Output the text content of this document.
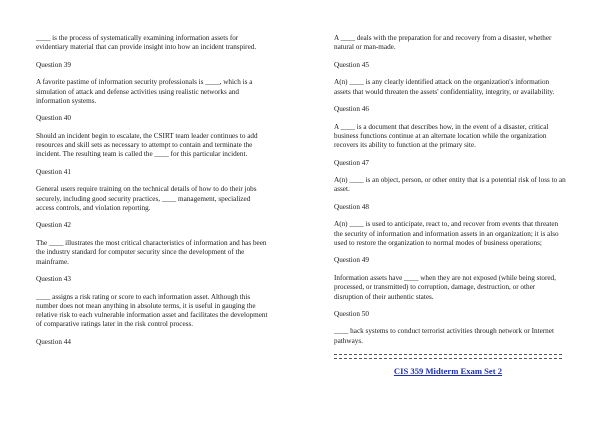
____ is the process of systematically examining information assets for evidentiary material that can provide insight into how an incident transpired.

Question 39

A favorite pastime of information security professionals is ____, which is a simulation of attack and defense activities using realistic networks and information systems.

Question 40

Should an incident begin to escalate, the CSIRT team leader continues to add resources and skill sets as necessary to attempt to contain and terminate the incident. The resulting team is called the ____ for this particular incident.

Question 41

General users require training on the technical details of how to do their jobs securely, including good security practices, ____ management, specialized access controls, and violation reporting.

Question 42

The ____ illustrates the most critical characteristics of information and has been the industry standard for computer security since the development of the mainframe.

Question 43

____ assigns a risk rating or score to each information asset. Although this number does not mean anything in absolute terms, it is useful in gauging the relative risk to each vulnerable information asset and facilitates the development of comparative ratings later in the risk control process.

Question 44

A ____ deals with the preparation for and recovery from a disaster, whether natural or man-made.

Question 45

A(n) ____ is any clearly identified attack on the organization's information assets that would threaten the assets' confidentiality, integrity, or availability.

Question 46

A ____ is a document that describes how, in the event of a disaster, critical business functions continue at an alternate location while the organization recovers its ability to function at the primary site.

Question 47

A(n) ____ is an object, person, or other entity that is a potential risk of loss to an asset.

Question 48

A(n) ____ is used to anticipate, react to, and recover from events that threaten the security of information and information assets in an organization; it is also used to restore the organization to normal modes of business operations;

Question 49

Information assets have ____ when they are not exposed (while being stored, processed, or transmitted) to corruption, damage, destruction, or other disruption of their authentic states.

Question 50

____ hack systems to conduct terrorist activities through network or Internet pathways.

CIS 359 Midterm Exam Set 2
